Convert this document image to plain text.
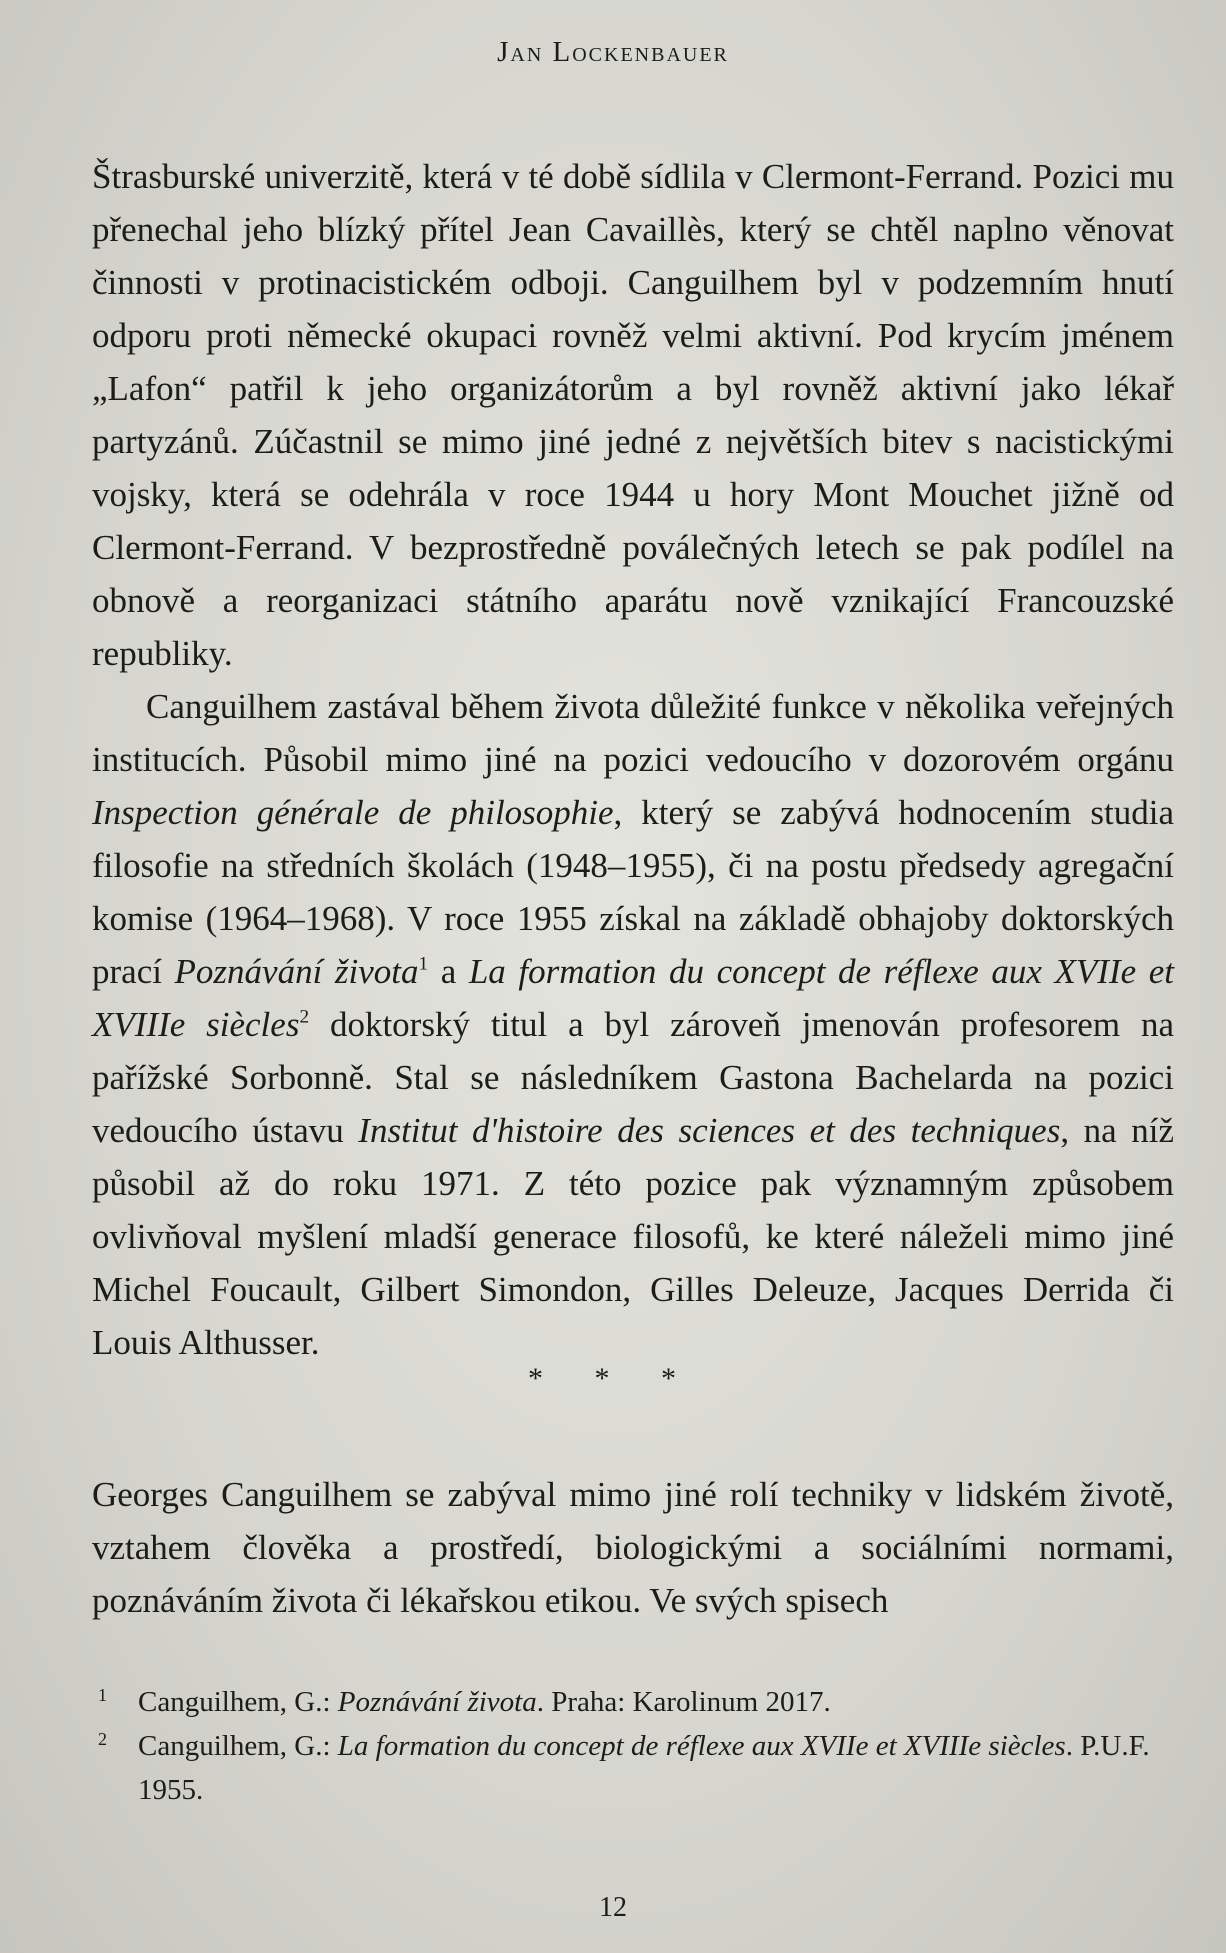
Jan Lockenbauer

Štrasburské univerzitě, která v té době sídlila v Clermont-Ferrand. Pozici mu přenechal jeho blízký přítel Jean Cavaillès, který se chtěl naplno věnovat činnosti v protinacistickém odboji. Canguilhem byl v podzemním hnutí odporu proti německé okupaci rovněž velmi aktivní. Pod krycím jménem „Lafon“ patřil k jeho organizátorům a byl rovněž aktivní jako lékař partyzánů. Zúčastnil se mimo jiné jedné z největších bitev s nacistickými vojsky, která se odehrála v roce 1944 u hory Mont Mouchet jižně od Clermont-Ferrand. V bezprostředně poválečných letech se pak podílel na obnově a reorganizaci státního aparátu nově vznikající Francouzské republiky.

Canguilhem zastával během života důležité funkce v několika veřejných institucích. Působil mimo jiné na pozici vedoucího v dozorovém orgánu Inspection générale de philosophie, který se zabývá hodnocením studia filosofie na středních školách (1948–1955), či na postu předsedy agregační komise (1964–1968). V roce 1955 získal na základě obhajoby doktorských prací Poznávání života$^1$ a La formation du concept de réflexe aux XVIIe et XVIIIe siècles$^2$ doktorský titul a byl zároveň jmenován profesorem na pařížské Sorbonně. Stal se následníkem Gastona Bachelarda na pozici vedoucího ústavu Institut d'histoire des sciences et des techniques, na níž působil až do roku 1971. Z této pozice pak významným způsobem ovlivňoval myšlení mladší generace filosofů, ke které náleželi mimo jiné Michel Foucault, Gilbert Simondon, Gilles Deleuze, Jacques Derrida či Louis Althusser.

* * *

Georges Canguilhem se zabýval mimo jiné rolí techniky v lidském životě, vztahem člověka a prostředí, biologickými a sociálními normami, poznáváním života či lékařskou etikou. Ve svých spisech

1	Canguilhem, G.: Poznávání života. Praha: Karolinum 2017.
2	Canguilhem, G.: La formation du concept de réflexe aux XVIIe et XVIIIe siècles. P.U.F. 1955.
12
